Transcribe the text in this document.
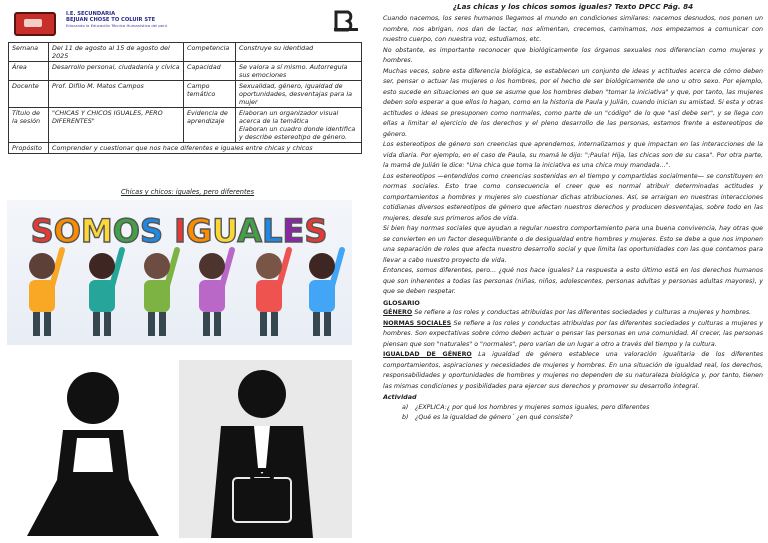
I.E. SECUNDARIA
BEJUAN CHOSE TO COLUIR STE
Educando la Educación Técnica Humanística del perú
Semana	Del 11 de agosto al 15 de agosto del 2025	Competencia	Construye su identidad
Área	Desarrollo personal, ciudadanía y cívica	Capacidad	Se valora a sí mismo. Autorregula sus emociones
Docente	Prof. Difilo M. Matos Campos	Campo temático	Sexualidad, género, igualdad de oportunidades, desventajas para la mujer
Título de la sesión	"CHICAS Y CHICOS IGUALES, PERO DIFERENTES"	Evidencia de aprendizaje	Elaboran un organizador visual acerca de la temática
Elaboran un cuadro donde identifica y describe estereotipo de género.
Propósito	Comprender y cuestionar que nos hace diferentes e iguales entre chicas y chicos		
Chicas y chicos: iguales, pero diferentes
SOMOS IGUALES
¿Las chicas y los chicos somos iguales? Texto DPCC Pág. 84

Cuando nacemos, los seres humanos llegamos al mundo en condiciones similares: nacemos desnudos, nos ponen un nombre, nos abrigan, nos dan de lactar, nos alimentan, crecemos, caminamos, nos empezamos a comunicar con nuestro cuerpo, con nuestra voz, estudiamos, etc.

No obstante, es importante reconocer que biológicamente los órganos sexuales nos diferencian como mujeres y hombres.

Muchas veces, sobre esta diferencia biológica, se establecen un conjunto de ideas y actitudes acerca de cómo deben ser, pensar o actuar las mujeres o los hombres, por el hecho de ser biológicamente de uno u otro sexo. Por ejemplo, esto sucede en situaciones en que se asume que los hombres deben "tomar la iniciativa" y que, por tanto, las mujeres deben solo esperar a que ellos lo hagan, como en la historia de Paula y Julián, cuando inician su amistad. Si esta y otras actitudes o ideas se presuponen como normales, como parte de un "código" de lo que "así debe ser", y se llega con ellas a limitar el ejercicio de los derechos y el pleno desarrollo de las personas, estamos frente a estereotipos de género.

Los estereotipos de género son creencias que aprendemos, internalizamos y que impactan en las interacciones de la vida diaria. Por ejemplo, en el caso de Paula, su mamá le dijo: ";Paula! Hija, las chicas son de su casa". Por otra parte, la mamá de Julián le dice: "Una chica que toma la iniciativa es una chica muy mandada...".

Los estereotipos —entendidos como creencias sostenidas en el tiempo y compartidas socialmente— se constituyen en normas sociales. Esto trae como consecuencia el creer que es normal atribuir determinadas actitudes y comportamientos a hombres y mujeres sin cuestionar dichas atribuciones. Así, se arraigan en nuestras interacciones cotidianas diversos estereotipos de género que afectan nuestros derechos y producen desventajas, sobre todo en las mujeres, desde sus primeros años de vida.

Si bien hay normas sociales que ayudan a regular nuestro comportamiento para una buena convivencia, hay otras que se convierten en un factor desequilibrante o de desigualdad entre hombres y mujeres. Esto se debe a que nos imponen una separación de roles que afecta nuestro desarrollo social y que limita las oportunidades con las que contamos para llevar a cabo nuestro proyecto de vida.

Entonces, somos diferentes, pero... ¿qué nos hace iguales? La respuesta a esto último está en los derechos humanos que son inherentes a todas las personas (niñas, niños, adolescentes, personas adultas y personas adultas mayores), y que se deben respetar.

GLOSARIO

GÉNERO Se refiere a los roles y conductas atribuidas por las diferentes sociedades y culturas a mujeres y hombres.

NORMAS SOCIALES Se refiere a los roles y conductas atribuidas por las diferentes sociedades y culturas a mujeres y hombres. Son expectativas sobre cómo deben actuar o pensar las personas en una comunidad. Al crecer, las personas piensan que son "naturales" o "normales", pero varían de un lugar a otro a través del tiempo y la cultura.

IGUALDAD DE GÉNERO La igualdad de género establece una valoración igualitaria de los diferentes comportamientos, aspiraciones y necesidades de mujeres y hombres. En una situación de igualdad real, los derechos, responsabilidades y oportunidades de hombres y mujeres no dependen de su naturaleza biológica y, por tanto, tienen las mismas condiciones y posibilidades para ejercer sus derechos y promover su desarrollo integral.

Actividad

a) ¿EXPLICA:¿ por qué los hombres y mujeres somos iguales, pero diferentes
b) ¿Qué es la igualdad de género´ ¿en qué consiste?
